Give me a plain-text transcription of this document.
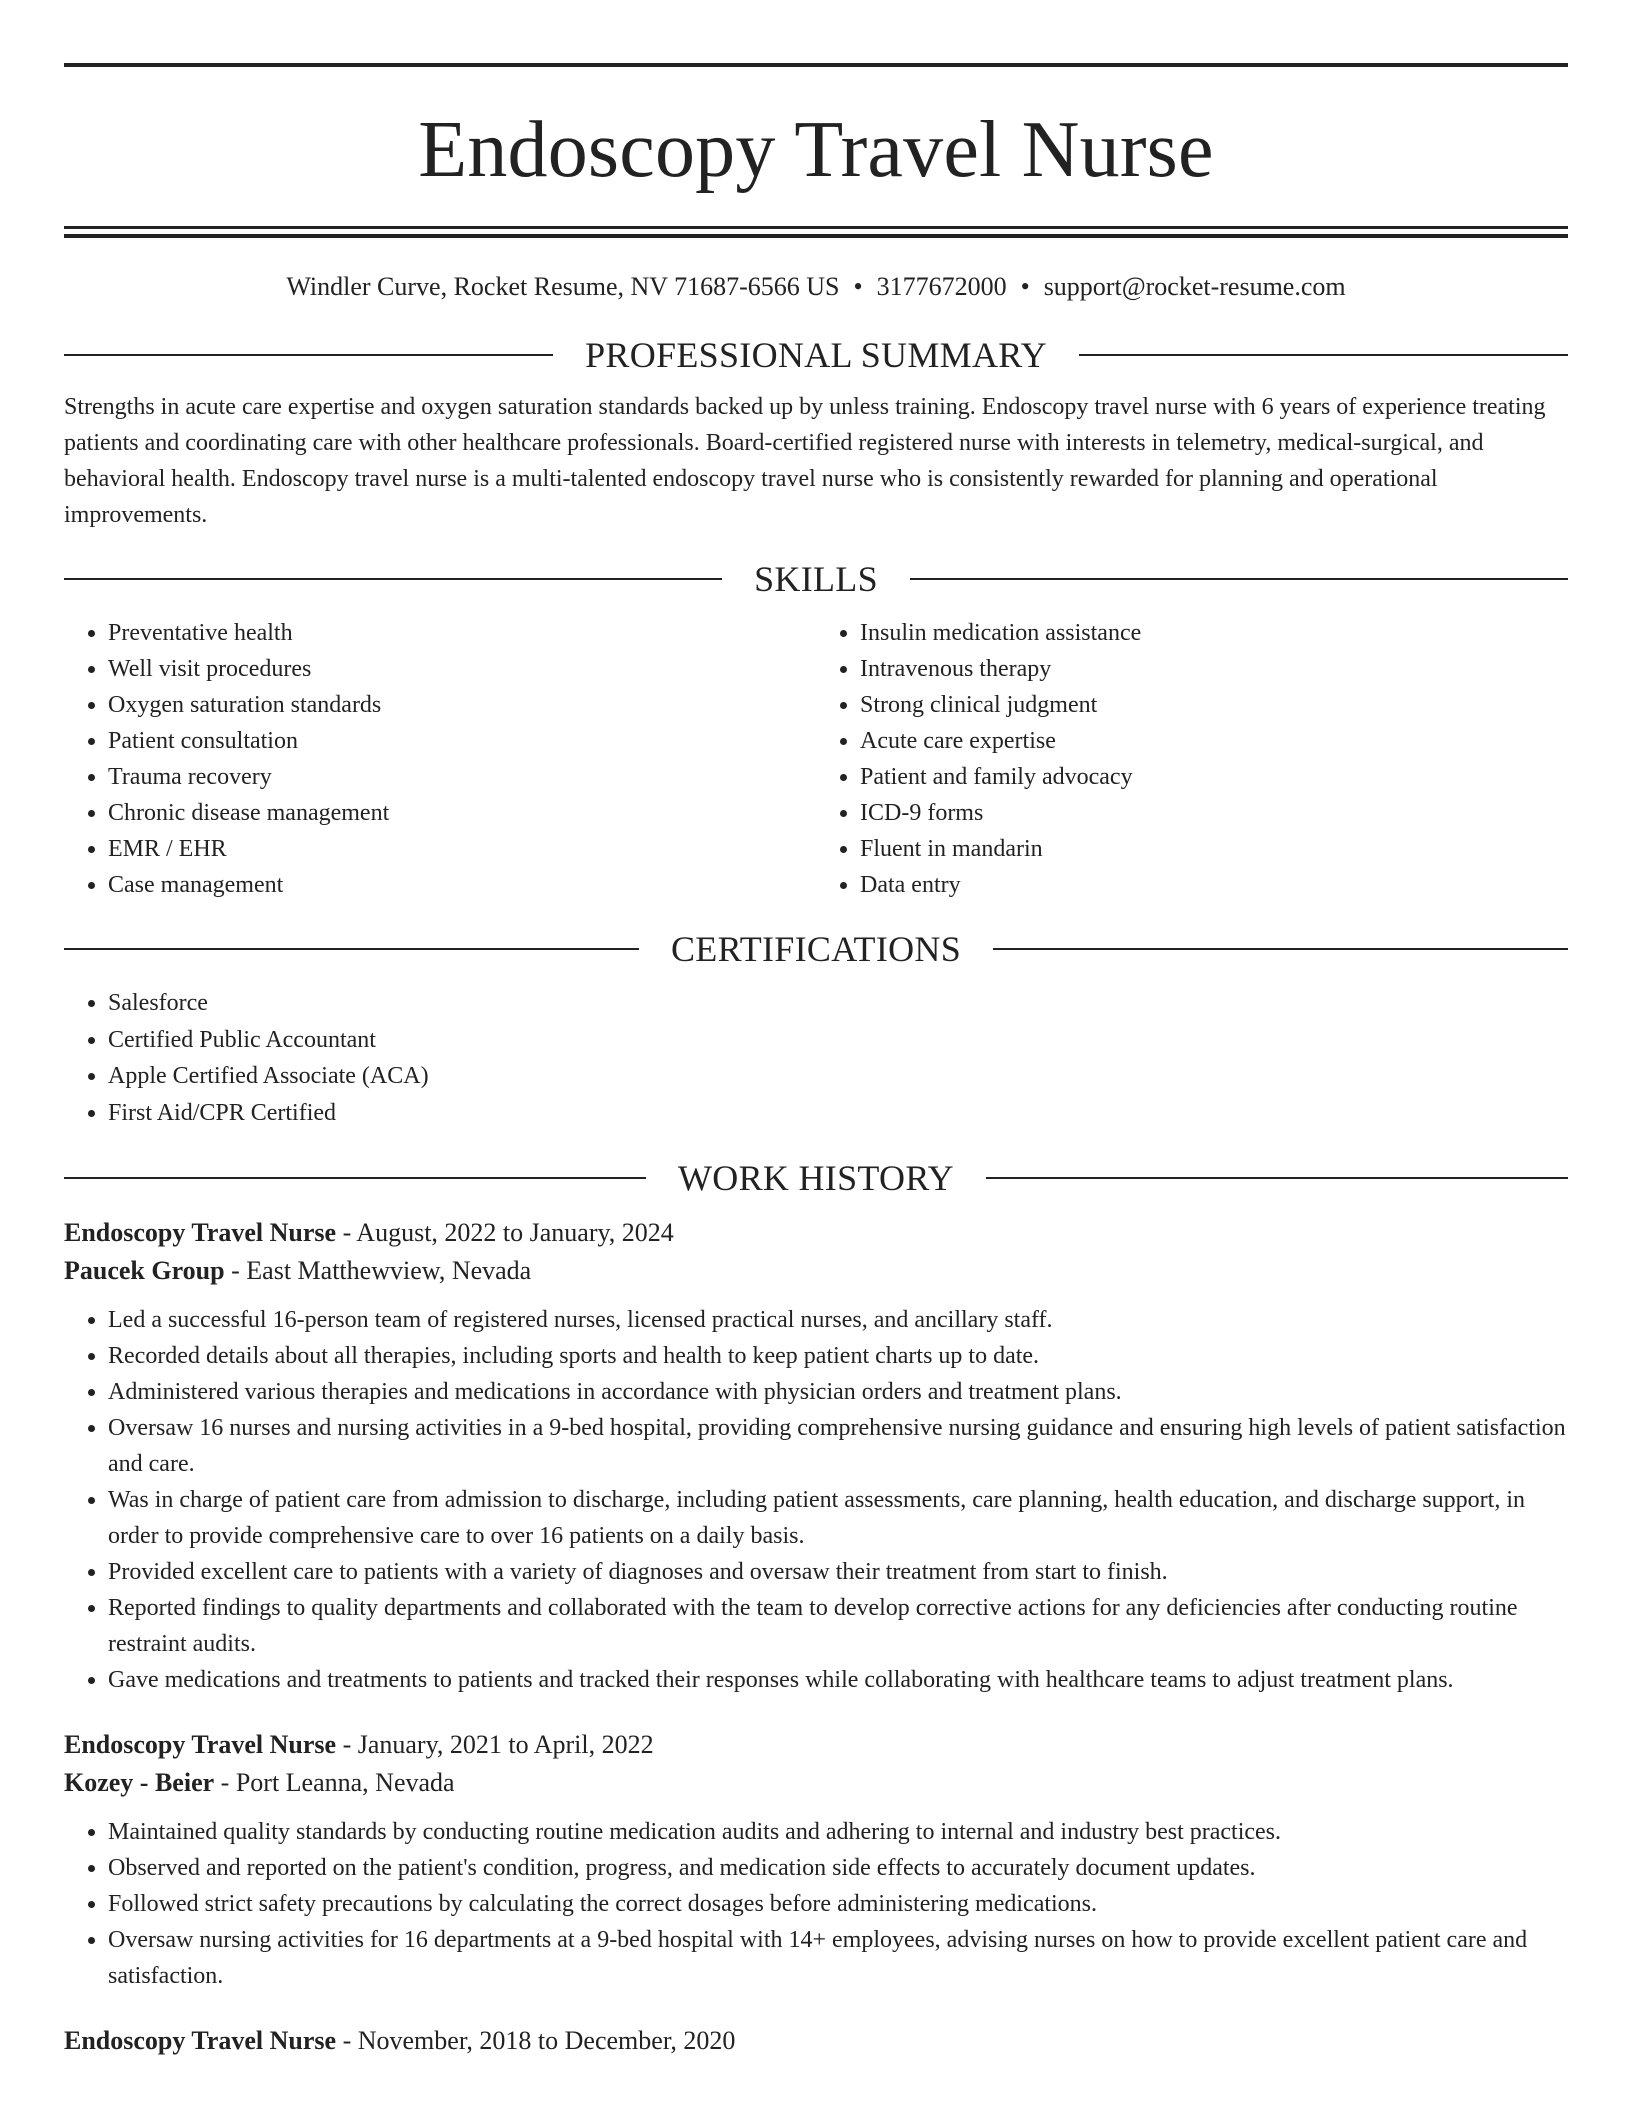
Endoscopy Travel Nurse
Windler Curve, Rocket Resume, NV 71687-6566 US • 3177672000 • support@rocket-resume.com
PROFESSIONAL SUMMARY

Strengths in acute care expertise and oxygen saturation standards backed up by unless training. Endoscopy travel nurse with 6 years of experience treating patients and coordinating care with other healthcare professionals. Board-certified registered nurse with interests in telemetry, medical-surgical, and behavioral health. Endoscopy travel nurse is a multi-talented endoscopy travel nurse who is consistently rewarded for planning and operational improvements.

SKILLS
• Preventative health
• Well visit procedures
• Oxygen saturation standards
• Patient consultation
• Trauma recovery
• Chronic disease management
• EMR / EHR
• Case management
• Insulin medication assistance
• Intravenous therapy
• Strong clinical judgment
• Acute care expertise
• Patient and family advocacy
• ICD-9 forms
• Fluent in mandarin
• Data entry
CERTIFICATIONS
• Salesforce
• Certified Public Accountant
• Apple Certified Associate (ACA)
• First Aid/CPR Certified
WORK HISTORY
Endoscopy Travel Nurse - August, 2022 to January, 2024
Paucek Group - East Matthewview, Nevada
• Led a successful 16-person team of registered nurses, licensed practical nurses, and ancillary staff.
• Recorded details about all therapies, including sports and health to keep patient charts up to date.
• Administered various therapies and medications in accordance with physician orders and treatment plans.
• Oversaw 16 nurses and nursing activities in a 9-bed hospital, providing comprehensive nursing guidance and ensuring high levels of patient satisfaction and care.
• Was in charge of patient care from admission to discharge, including patient assessments, care planning, health education, and discharge support, in order to provide comprehensive care to over 16 patients on a daily basis.
• Provided excellent care to patients with a variety of diagnoses and oversaw their treatment from start to finish.
• Reported findings to quality departments and collaborated with the team to develop corrective actions for any deficiencies after conducting routine restraint audits.
• Gave medications and treatments to patients and tracked their responses while collaborating with healthcare teams to adjust treatment plans.
Endoscopy Travel Nurse - January, 2021 to April, 2022
Kozey - Beier - Port Leanna, Nevada
• Maintained quality standards by conducting routine medication audits and adhering to internal and industry best practices.
• Observed and reported on the patient's condition, progress, and medication side effects to accurately document updates.
• Followed strict safety precautions by calculating the correct dosages before administering medications.
• Oversaw nursing activities for 16 departments at a 9-bed hospital with 14+ employees, advising nurses on how to provide excellent patient care and satisfaction.
Endoscopy Travel Nurse - November, 2018 to December, 2020
